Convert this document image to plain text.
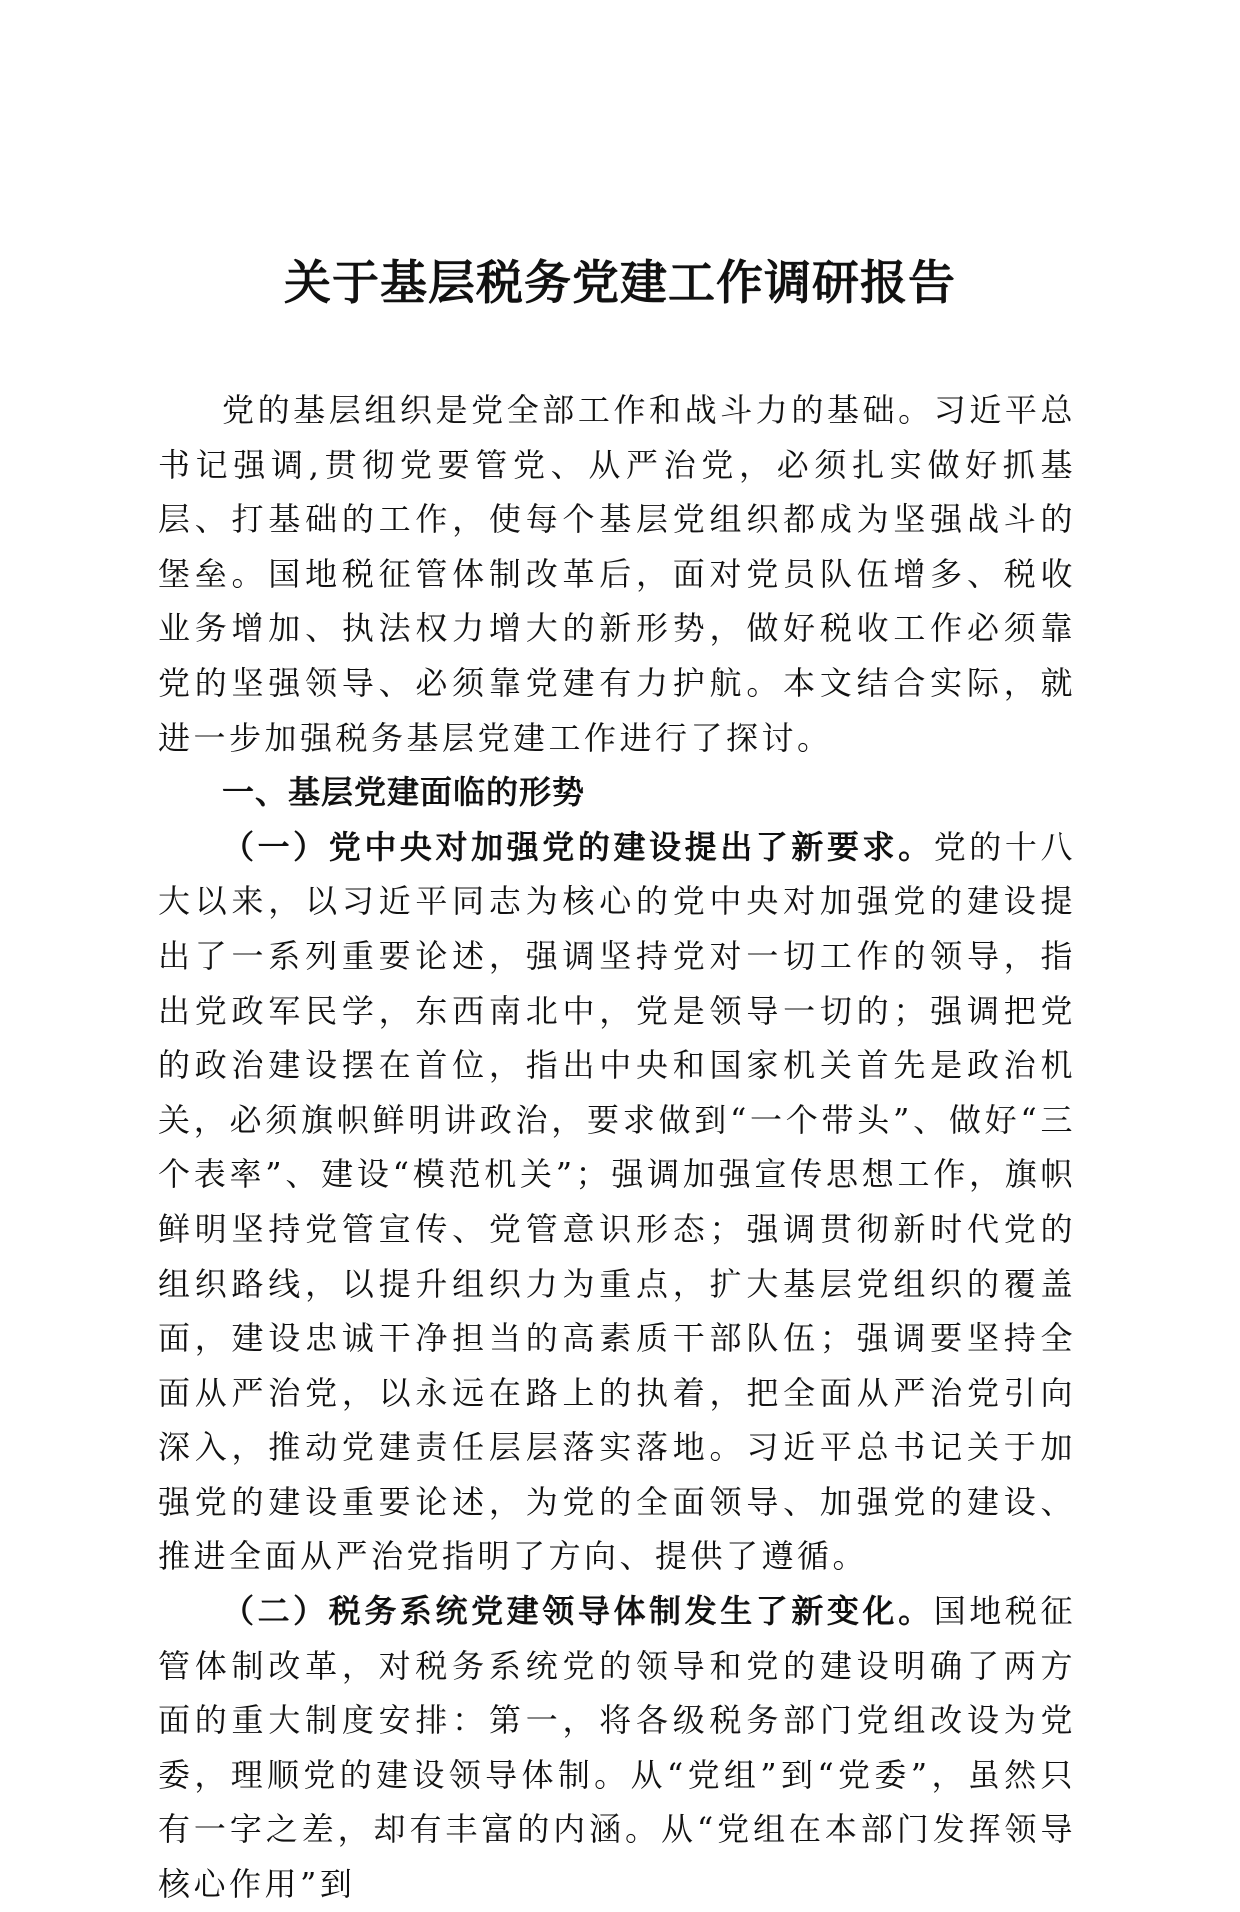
关于基层税务党建工作调研报告

党的基层组织是党全部工作和战斗力的基础。习近平总书记强调,贯彻党要管党、从严治党，必须扎实做好抓基层、打基础的工作，使每个基层党组织都成为坚强战斗的堡垒。国地税征管体制改革后，面对党员队伍增多、税收业务增加、执法权力增大的新形势，做好税收工作必须靠党的坚强领导、必须靠党建有力护航。本文结合实际，就进一步加强税务基层党建工作进行了探讨。

一、基层党建面临的形势

（一）党中央对加强党的建设提出了新要求。党的十八大以来，以习近平同志为核心的党中央对加强党的建设提出了一系列重要论述，强调坚持党对一切工作的领导，指出党政军民学，东西南北中，党是领导一切的；强调把党的政治建设摆在首位，指出中央和国家机关首先是政治机关，必须旗帜鲜明讲政治，要求做到“一个带头”、做好“三个表率”、建设“模范机关”；强调加强宣传思想工作，旗帜鲜明坚持党管宣传、党管意识形态；强调贯彻新时代党的组织路线，以提升组织力为重点，扩大基层党组织的覆盖面，建设忠诚干净担当的高素质干部队伍；强调要坚持全面从严治党，以永远在路上的执着，把全面从严治党引向深入，推动党建责任层层落实落地。习近平总书记关于加强党的建设重要论述，为党的全面领导、加强党的建设、推进全面从严治党指明了方向、提供了遵循。

（二）税务系统党建领导体制发生了新变化。国地税征管体制改革，对税务系统党的领导和党的建设明确了两方面的重大制度安排：第一，将各级税务部门党组改设为党委，理顺党的建设领导体制。从“党组”到“党委”，虽然只有一字之差，却有丰富的内涵。从“党组在本部门发挥领导核心作用”到
